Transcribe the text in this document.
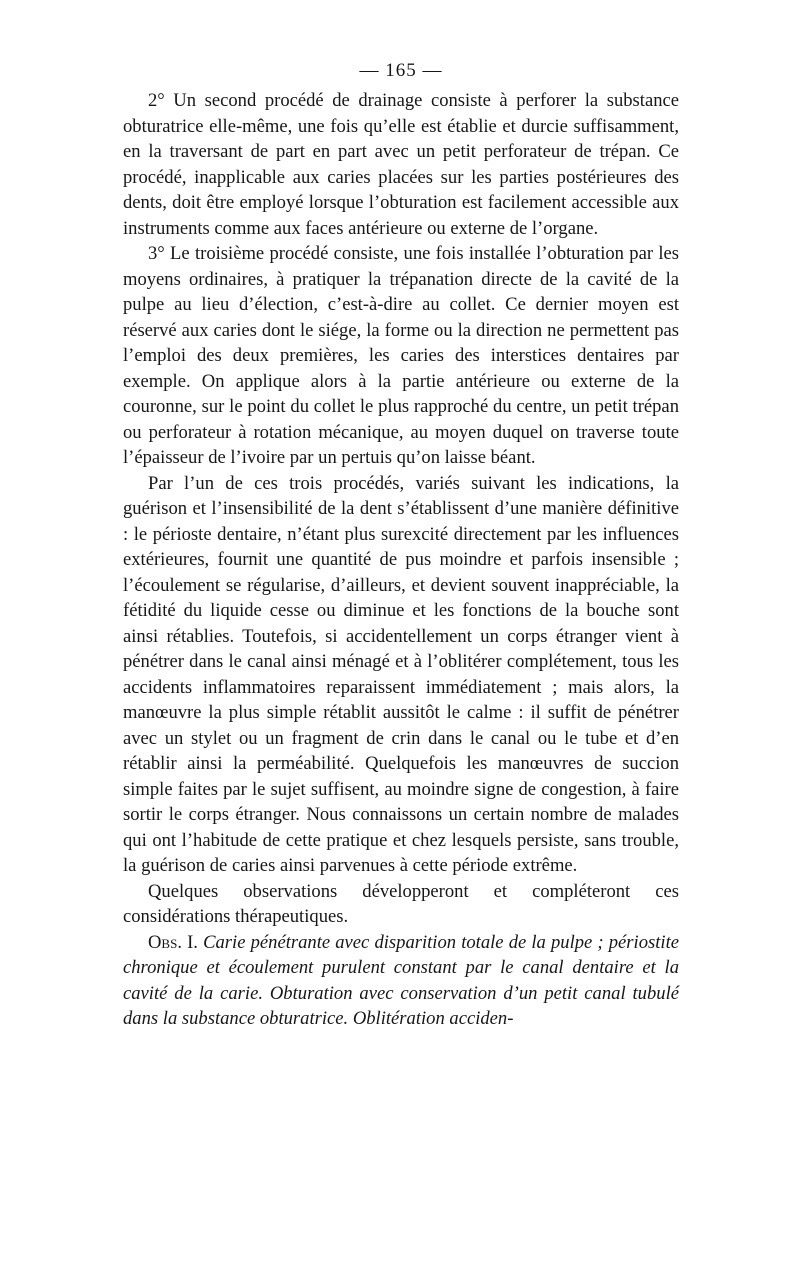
— 165 —

2° Un second procédé de drainage consiste à perforer la substance obturatrice elle-même, une fois qu’elle est établie et durcie suffisamment, en la traversant de part en part avec un petit perforateur de trépan. Ce procédé, inapplicable aux caries placées sur les parties postérieures des dents, doit être employé lorsque l’obturation est facilement accessible aux instruments comme aux faces antérieure ou externe de l’organe.

3° Le troisième procédé consiste, une fois installée l’obturation par les moyens ordinaires, à pratiquer la trépanation directe de la cavité de la pulpe au lieu d’élection, c’est-à-dire au collet. Ce dernier moyen est réservé aux caries dont le siége, la forme ou la direction ne permettent pas l’emploi des deux premières, les caries des interstices dentaires par exemple. On applique alors à la partie antérieure ou externe de la couronne, sur le point du collet le plus rapproché du centre, un petit trépan ou perforateur à rotation mécanique, au moyen duquel on traverse toute l’épaisseur de l’ivoire par un pertuis qu’on laisse béant.

Par l’un de ces trois procédés, variés suivant les indications, la guérison et l’insensibilité de la dent s’établissent d’une manière définitive : le périoste dentaire, n’étant plus surexcité directement par les influences extérieures, fournit une quantité de pus moindre et parfois insensible ; l’écoulement se régularise, d’ailleurs, et devient souvent inappréciable, la fétidité du liquide cesse ou diminue et les fonctions de la bouche sont ainsi rétablies. Toutefois, si accidentellement un corps étranger vient à pénétrer dans le canal ainsi ménagé et à l’oblitérer complétement, tous les accidents inflammatoires reparaissent immédiatement ; mais alors, la manœuvre la plus simple rétablit aussitôt le calme : il suffit de pénétrer avec un stylet ou un fragment de crin dans le canal ou le tube et d’en rétablir ainsi la perméabilité. Quelquefois les manœuvres de succion simple faites par le sujet suffisent, au moindre signe de congestion, à faire sortir le corps étranger. Nous connaissons un certain nombre de malades qui ont l’habitude de cette pratique et chez lesquels persiste, sans trouble, la guérison de caries ainsi parvenues à cette période extrême.

Quelques observations développeront et compléteront ces considérations thérapeutiques.

Obs. I. Carie pénétrante avec disparition totale de la pulpe ; périostite chronique et écoulement purulent constant par le canal dentaire et la cavité de la carie. Obturation avec conservation d’un petit canal tubulé dans la substance obturatrice. Oblitération acciden-
